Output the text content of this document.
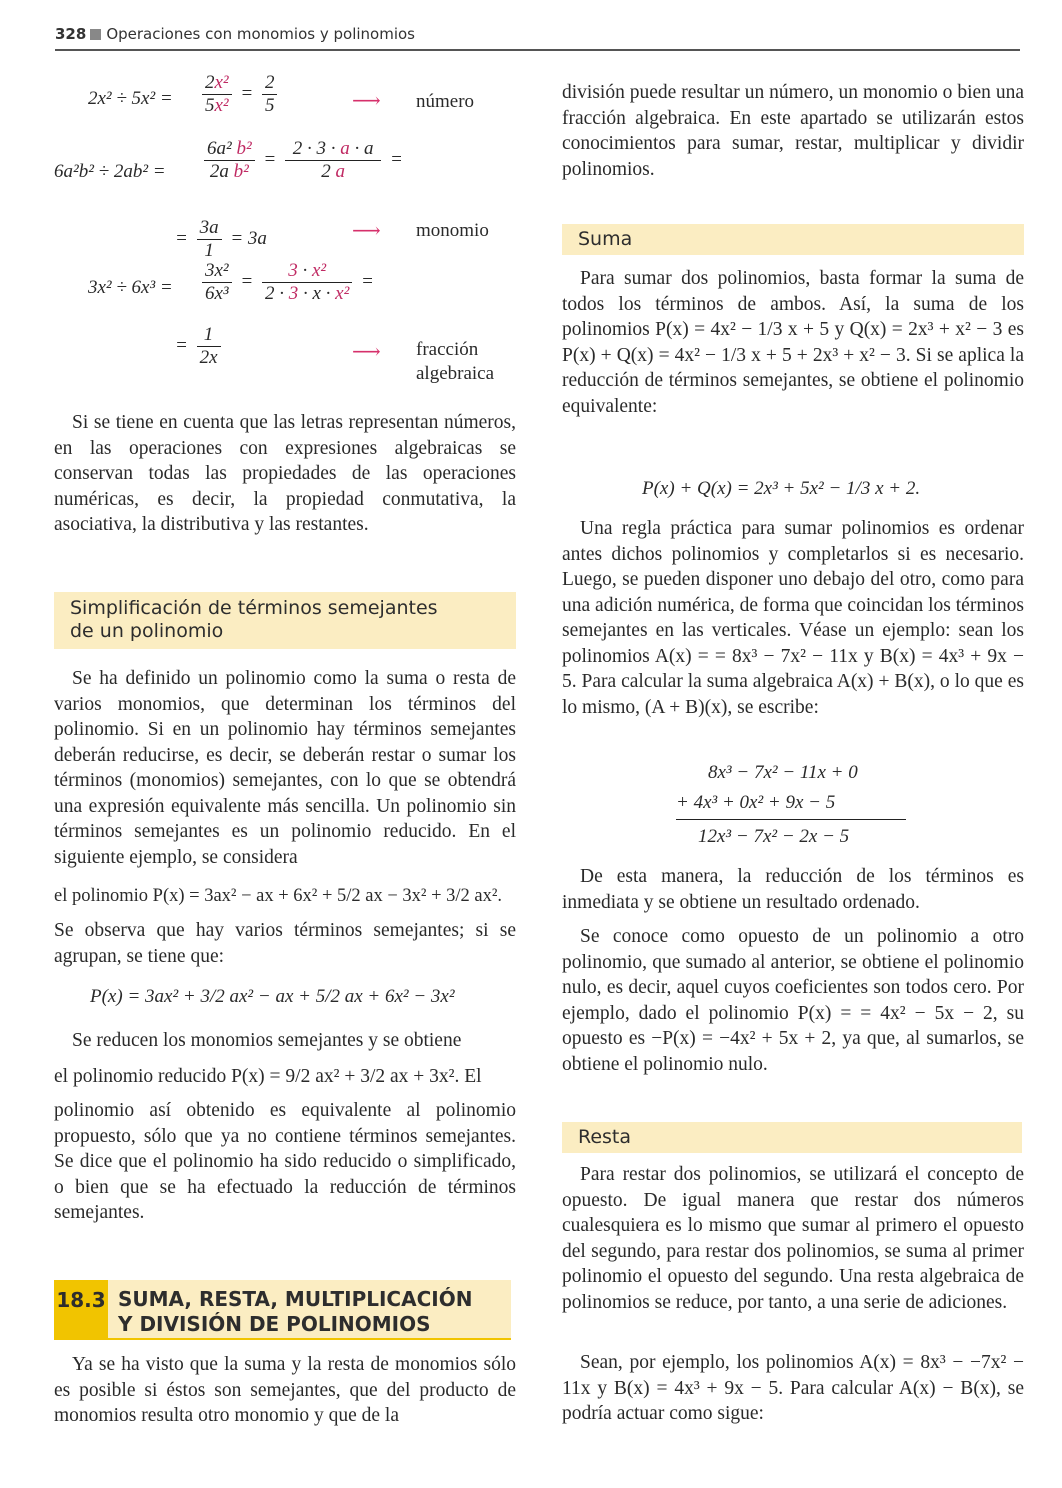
328 Operaciones con monomios y polinomios
$2x^2 \div 5x^2 = \frac{\text{2x²}}{\text{5x²}} = \frac{2}{5}$	⟶ número
$6a^2b^2 \div 2ab^2 = \frac{\text{6a² b²}}{\text{2a b²}} = \frac{2 \cdot 3 \cdot a \cdot a}{2 a}$ =
= $\frac{3a}{1} = 3a$	⟶ monomio
$3x^2 \div 6x^3 = \frac{\text{3x²}}{\text{6x³}} = \frac{\text{3 · x²}}{\text{2 · 3 · x · x²}}$ =
= $\frac{1}{2x}$	⟶ fracción
algebraica

Si se tiene en cuenta que las letras representan números, en las operaciones con expresiones algebraicas se conservan todas las propiedades de las operaciones numéricas, es decir, la propiedad conmutativa, la asociativa, la distributiva y las restantes.

Simplificación de términos semejantes
de un polinomio

Se ha definido un polinomio como la suma o resta de varios monomios, que determinan los términos del polinomio. Si en un polinomio hay términos semejantes deberán reducirse, es decir, se deberán restar o sumar los términos (monomios) semejantes, con lo que se obtendrá una expresión equivalente más sencilla. Un polinomio sin términos semejantes es un polinomio reducido. En el siguiente ejemplo, se considera

el polinomio P(x) = 3ax² − ax + 6x² + 5/2 ax − 3x² + 3/2 ax².
Se observa que hay varios términos semejantes; si se agrupan, se tiene que:
P(x) = 3ax² + 3/2 ax² − ax + 5/2 ax + 6x² − 3x²

Se reducen los monomios semejantes y se obtiene

el polinomio reducido P(x) = 9/2 ax² + 3/2 ax + 3x². El
polinomio así obtenido es equivalente al polinomio propuesto, sólo que ya no contiene términos semejantes. Se dice que el polinomio ha sido reducido o simplificado, o bien que se ha efectuado la reducción de términos semejantes.
18.3 SUMA, RESTA, MULTIPLICACIÓN
Y DIVISIÓN DE POLINOMIOS

Ya se ha visto que la suma y la resta de monomios sólo es posible si éstos son semejantes, que del producto de monomios resulta otro monomio y que de la

división puede resultar un número, un monomio o bien una fracción algebraica. En este apartado se utilizarán estos conocimientos para sumar, restar, multiplicar y dividir polinomios.
Suma

Para sumar dos polinomios, basta formar la suma de todos los términos de ambos. Así, la suma de los polinomios P(x) = 4x² − 1/3 x + 5 y Q(x) = 2x³ + x² − 3 es P(x) + Q(x) = 4x² − 1/3 x + 5 + 2x³ + x² − 3. Si se aplica la reducción de términos semejantes, se obtiene el polinomio equivalente:

P(x) + Q(x) = 2x³ + 5x² − 1/3 x + 2.

Una regla práctica para sumar polinomios es ordenar antes dichos polinomios y completarlos si es necesario. Luego, se pueden disponer uno debajo del otro, como para una adición numérica, de forma que coincidan los términos semejantes en las verticales. Véase un ejemplo: sean los polinomios A(x) = = 8x³ − 7x² − 11x y B(x) = 4x³ + 9x − 5. Para calcular la suma algebraica A(x) + B(x), o lo que es lo mismo, (A + B)(x), se escribe:

8x³ − 7x² − 11x + 0
+ 4x³ + 0x² + 9x − 5
12x³ − 7x² − 2x − 5

De esta manera, la reducción de los términos es inmediata y se obtiene un resultado ordenado.

Se conoce como opuesto de un polinomio a otro polinomio, que sumado al anterior, se obtiene el polinomio nulo, es decir, aquel cuyos coeficientes son todos cero. Por ejemplo, dado el polinomio P(x) = = 4x² − 5x − 2, su opuesto es −P(x) = −4x² + 5x + 2, ya que, al sumarlos, se obtiene el polinomio nulo.

Resta

Para restar dos polinomios, se utilizará el concepto de opuesto. De igual manera que restar dos números cualesquiera es lo mismo que sumar al primero el opuesto del segundo, para restar dos polinomios, se suma al primer polinomio el opuesto del segundo. Una resta algebraica de polinomios se reduce, por tanto, a una serie de adiciones.

Sean, por ejemplo, los polinomios A(x) = 8x³ − −7x² − 11x y B(x) = 4x³ + 9x − 5. Para calcular A(x) − B(x), se podría actuar como sigue:
